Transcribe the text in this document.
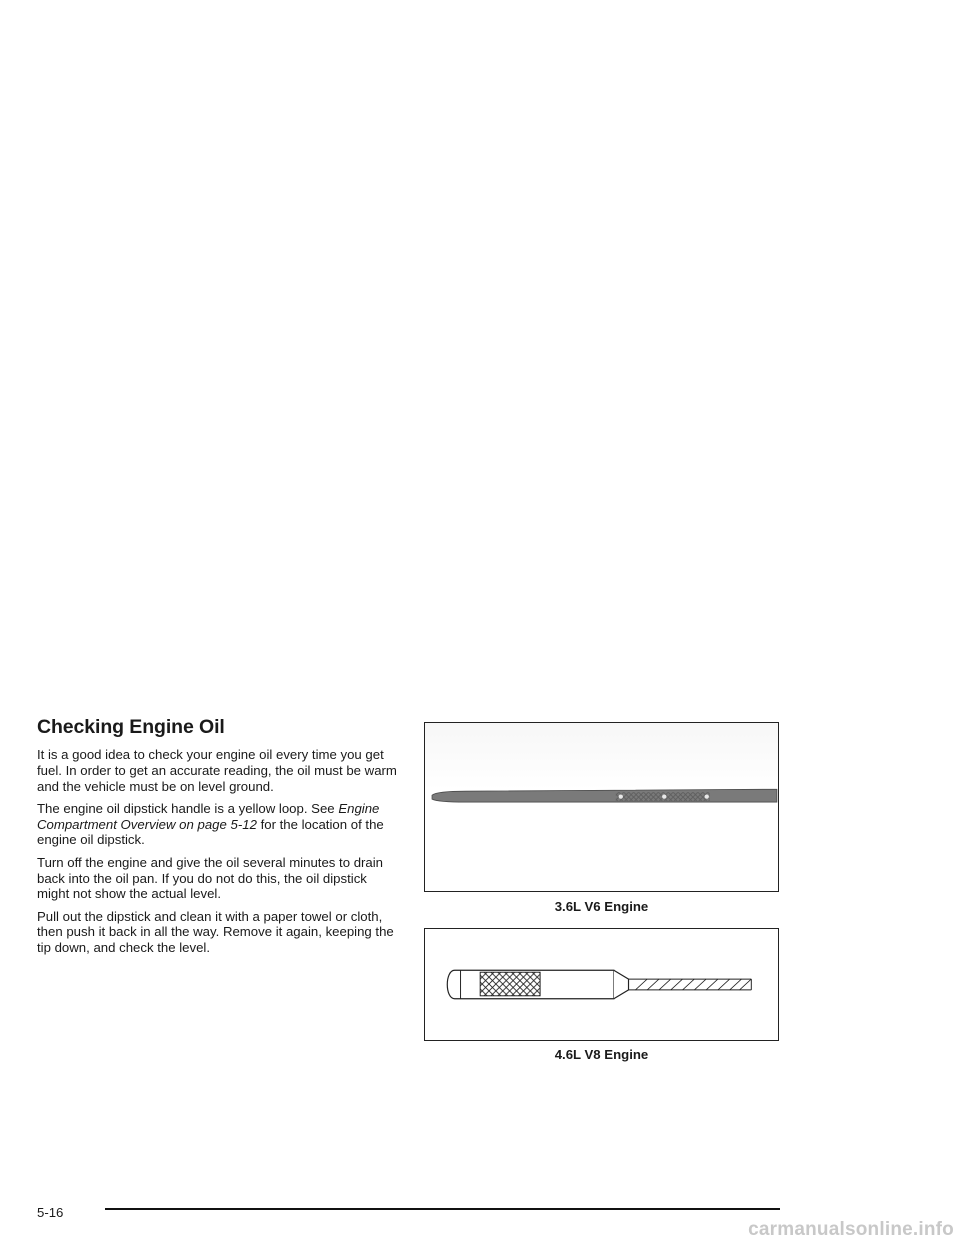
Checking Engine Oil

It is a good idea to check your engine oil every time you get fuel. In order to get an accurate reading, the oil must be warm and the vehicle must be on level ground.

The engine oil dipstick handle is a yellow loop. See Engine Compartment Overview on page 5-12 for the location of the engine oil dipstick.

Turn off the engine and give the oil several minutes to drain back into the oil pan. If you do not do this, the oil dipstick might not show the actual level.

Pull out the dipstick and clean it with a paper towel or cloth, then push it back in all the way. Remove it again, keeping the tip down, and check the level.

3.6L V6 Engine
4.6L V8 Engine
5-16
carmanualsonline.info
